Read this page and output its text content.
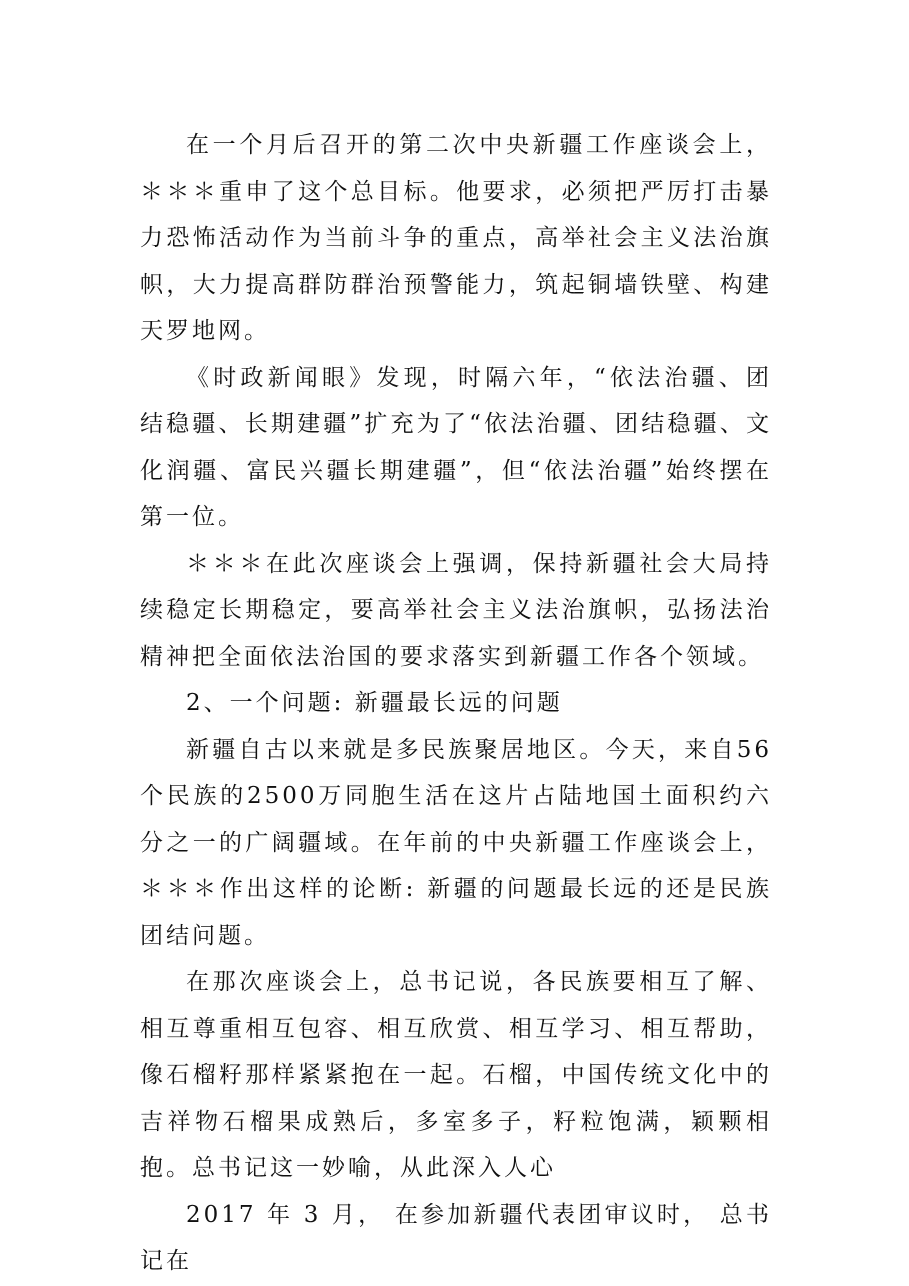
在一个月后召开的第二次中央新疆工作座谈会上，＊＊＊重申了这个总目标。他要求，必须把严厉打击暴力恐怖活动作为当前斗争的重点，高举社会主义法治旗帜，大力提高群防群治预警能力，筑起铜墙铁壁、构建天罗地网。

《时政新闻眼》发现，时隔六年，“依法治疆、团结稳疆、长期建疆”扩充为了“依法治疆、团结稳疆、文化润疆、富民兴疆长期建疆”，但“依法治疆”始终摆在第一位。

＊＊＊在此次座谈会上强调，保持新疆社会大局持续稳定长期稳定，要高举社会主义法治旗帜，弘扬法治精神把全面依法治国的要求落实到新疆工作各个领域。

2、一个问题: 新疆最长远的问题

新疆自古以来就是多民族聚居地区。今天，来自56个民族的2500万同胞生活在这片占陆地国土面积约六分之一的广阔疆域。在年前的中央新疆工作座谈会上，＊＊＊作出这样的论断: 新疆的问题最长远的还是民族团结问题。

在那次座谈会上，总书记说，各民族要相互了解、相互尊重相互包容、相互欣赏、相互学习、相互帮助，像石榴籽那样紧紧抱在一起。石榴，中国传统文化中的吉祥物石榴果成熟后，多室多子，籽粒饱满，颖颗相抱。总书记这一妙喻，从此深入人心

2017 年 3 月， 在参加新疆代表团审议时， 总书记在
